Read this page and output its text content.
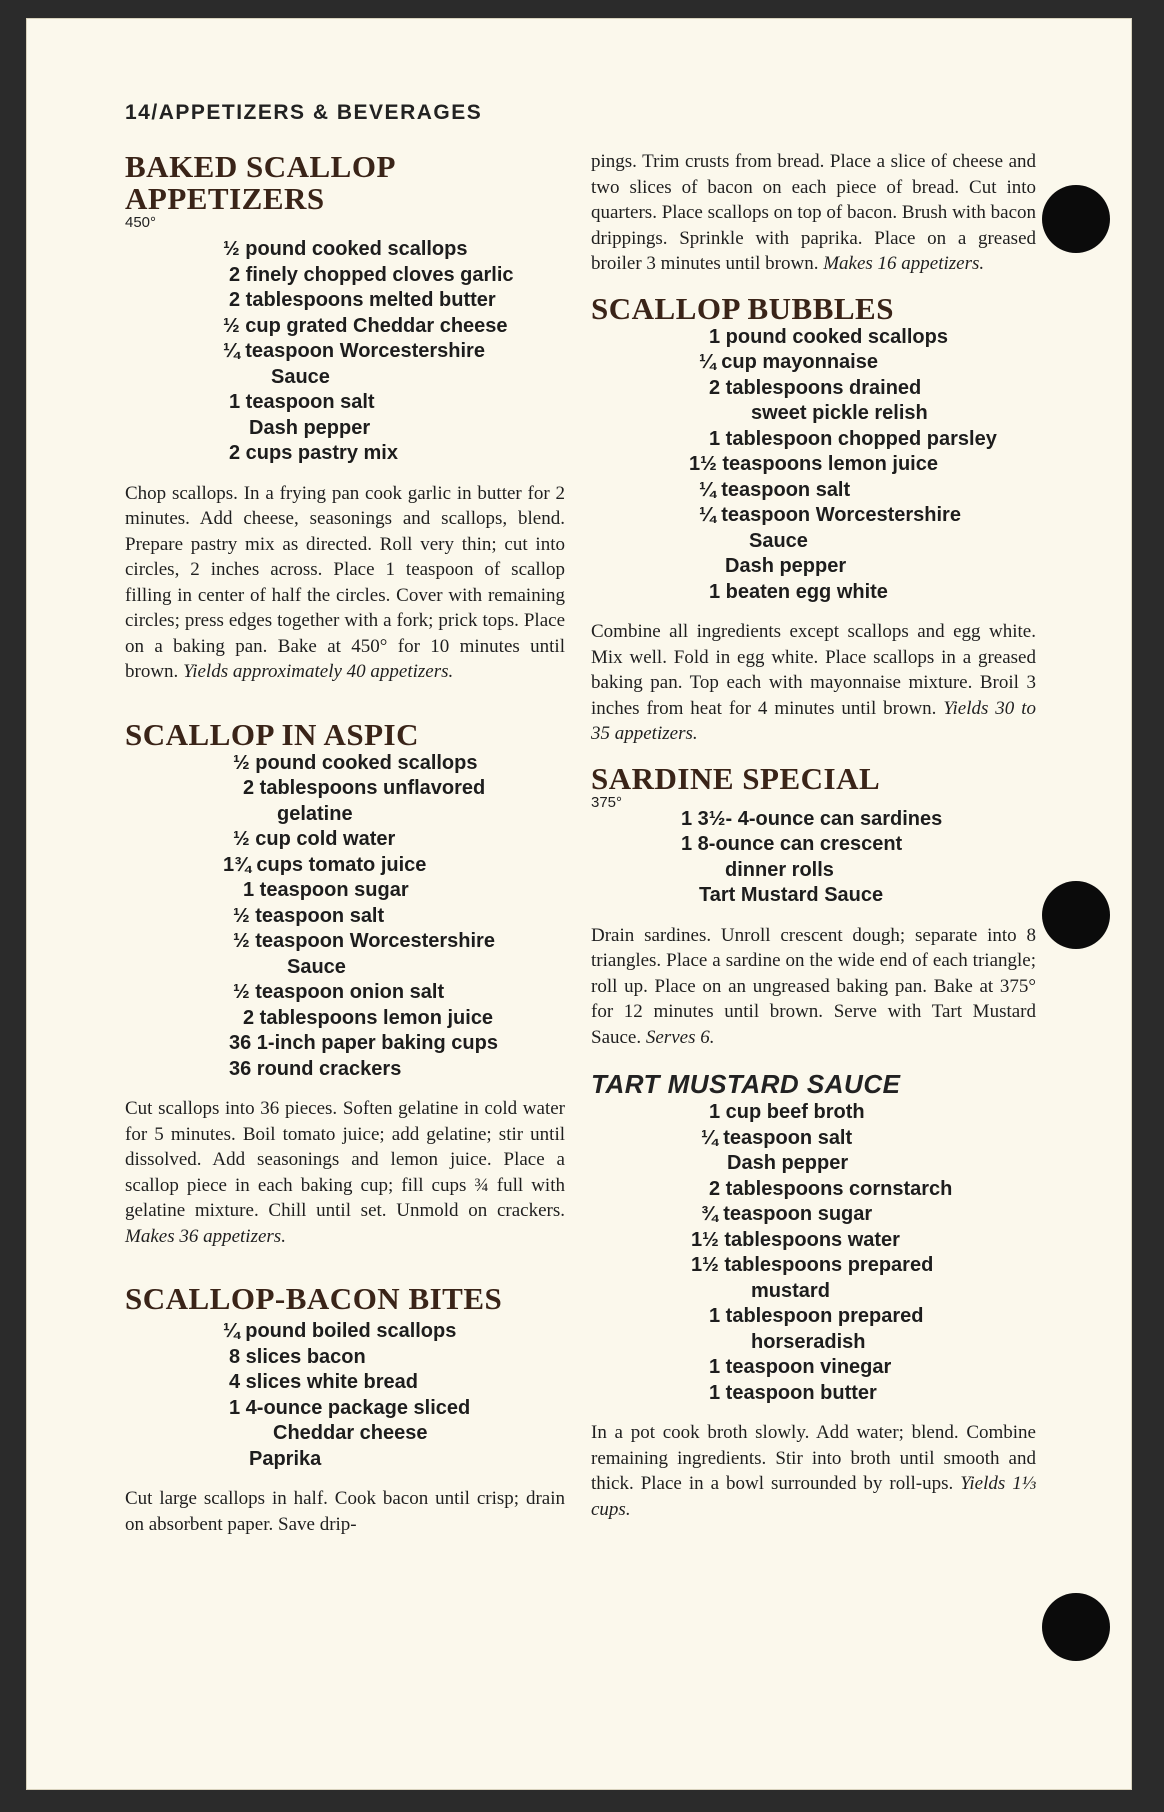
14/APPETIZERS & BEVERAGES
BAKED SCALLOP
APPETIZERS
450°
½ pound cooked scallops
2 finely chopped cloves garlic
2 tablespoons melted butter
½ cup grated Cheddar cheese
¼ teaspoon Worcestershire
Sauce
1 teaspoon salt
Dash pepper
2 cups pastry mix

Chop scallops. In a frying pan cook garlic in butter for 2 minutes. Add cheese, seasonings and scallops, blend. Prepare pastry mix as directed. Roll very thin; cut into circles, 2 inches across. Place 1 teaspoon of scallop filling in center of half the circles. Cover with remaining circles; press edges together with a fork; prick tops. Place on a baking pan. Bake at 450° for 10 minutes until brown. Yields approximately 40 appetizers.

SCALLOP IN ASPIC
½ pound cooked scallops
2 tablespoons unflavored
gelatine
½ cup cold water
1¾ cups tomato juice
1 teaspoon sugar
½ teaspoon salt
½ teaspoon Worcestershire
Sauce
½ teaspoon onion salt
2 tablespoons lemon juice
36 1-inch paper baking cups
36 round crackers

Cut scallops into 36 pieces. Soften gelatine in cold water for 5 minutes. Boil tomato juice; add gelatine; stir until dissolved. Add seasonings and lemon juice. Place a scallop piece in each baking cup; fill cups ¾ full with gelatine mixture. Chill until set. Unmold on crackers. Makes 36 appetizers.

SCALLOP-BACON BITES
¼ pound boiled scallops
8 slices bacon
4 slices white bread
1 4-ounce package sliced
Cheddar cheese
Paprika

Cut large scallops in half. Cook bacon until crisp; drain on absorbent paper. Save drip-

pings. Trim crusts from bread. Place a slice of cheese and two slices of bacon on each piece of bread. Cut into quarters. Place scallops on top of bacon. Brush with bacon drippings. Sprinkle with paprika. Place on a greased broiler 3 minutes until brown. Makes 16 appetizers.

SCALLOP BUBBLES
1 pound cooked scallops
¼ cup mayonnaise
2 tablespoons drained
sweet pickle relish
1 tablespoon chopped parsley
1½ teaspoons lemon juice
¼ teaspoon salt
¼ teaspoon Worcestershire
Sauce
Dash pepper
1 beaten egg white

Combine all ingredients except scallops and egg white. Mix well. Fold in egg white. Place scallops in a greased baking pan. Top each with mayonnaise mixture. Broil 3 inches from heat for 4 minutes until brown. Yields 30 to 35 appetizers.

SARDINE SPECIAL
375°
1 3½- 4-ounce can sardines
1 8-ounce can crescent
dinner rolls
Tart Mustard Sauce

Drain sardines. Unroll crescent dough; separate into 8 triangles. Place a sardine on the wide end of each triangle; roll up. Place on an ungreased baking pan. Bake at 375° for 12 minutes until brown. Serve with Tart Mustard Sauce. Serves 6.

TART MUSTARD SAUCE
1 cup beef broth
¼ teaspoon salt
Dash pepper
2 tablespoons cornstarch
¾ teaspoon sugar
1½ tablespoons water
1½ tablespoons prepared
mustard
1 tablespoon prepared
horseradish
1 teaspoon vinegar
1 teaspoon butter

In a pot cook broth slowly. Add water; blend. Combine remaining ingredients. Stir into broth until smooth and thick. Place in a bowl surrounded by roll-ups. Yields 1⅓ cups.
